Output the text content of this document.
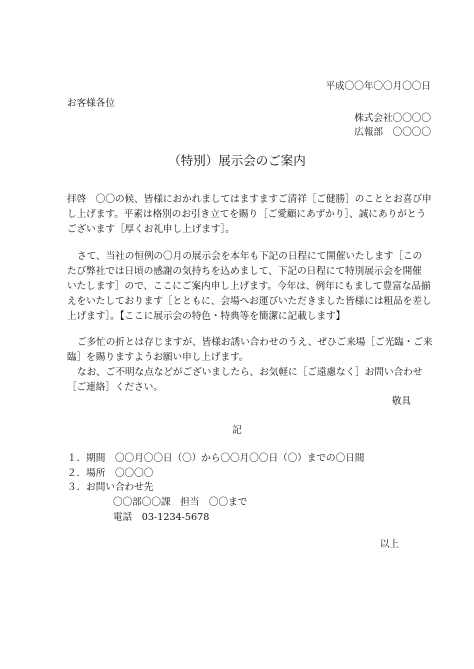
平成〇〇年〇〇月〇〇日
お客様各位
株式会社〇〇〇〇
広報部　〇〇〇〇
（特別）展示会のご案内
拝啓　〇〇の候、皆様におかれましてはますますご清祥［ご健勝］のこととお喜び申
し上げます。平素は格別のお引き立てを賜り［ご愛顧にあずかり］、誠にありがとう
ございます［厚くお礼申し上げます］。
さて、当社の恒例の〇月の展示会を本年も下記の日程にて開催いたします［この
たび弊社では日頃の感謝の気持ちを込めまして、下記の日程にて特別展示会を開催
いたします］ので、ここにご案内申し上げます。今年は、例年にもまして豊富な品揃
えをいたしております［とともに、会場へお運びいただきました皆様には粗品を差し
上げます］。【ここに展示会の特色・特典等を簡潔に記載します】
ご多忙の折とは存じますが、皆様お誘い合わせのうえ、ぜひご来場［ご光臨・ご来
臨］を賜りますようお願い申し上げます。
なお、ご不明な点などがございましたら、お気軽に［ご遠慮なく］お問い合わせ
［ご連絡］ください。
敬具
記
１．期間　〇〇月〇〇日（〇）から〇〇月〇〇日（〇）までの〇日間
２．場所　〇〇〇〇
３．お問い合わせ先
〇〇部〇〇課　担当　〇〇まで
電話　03-1234-5678
以上
